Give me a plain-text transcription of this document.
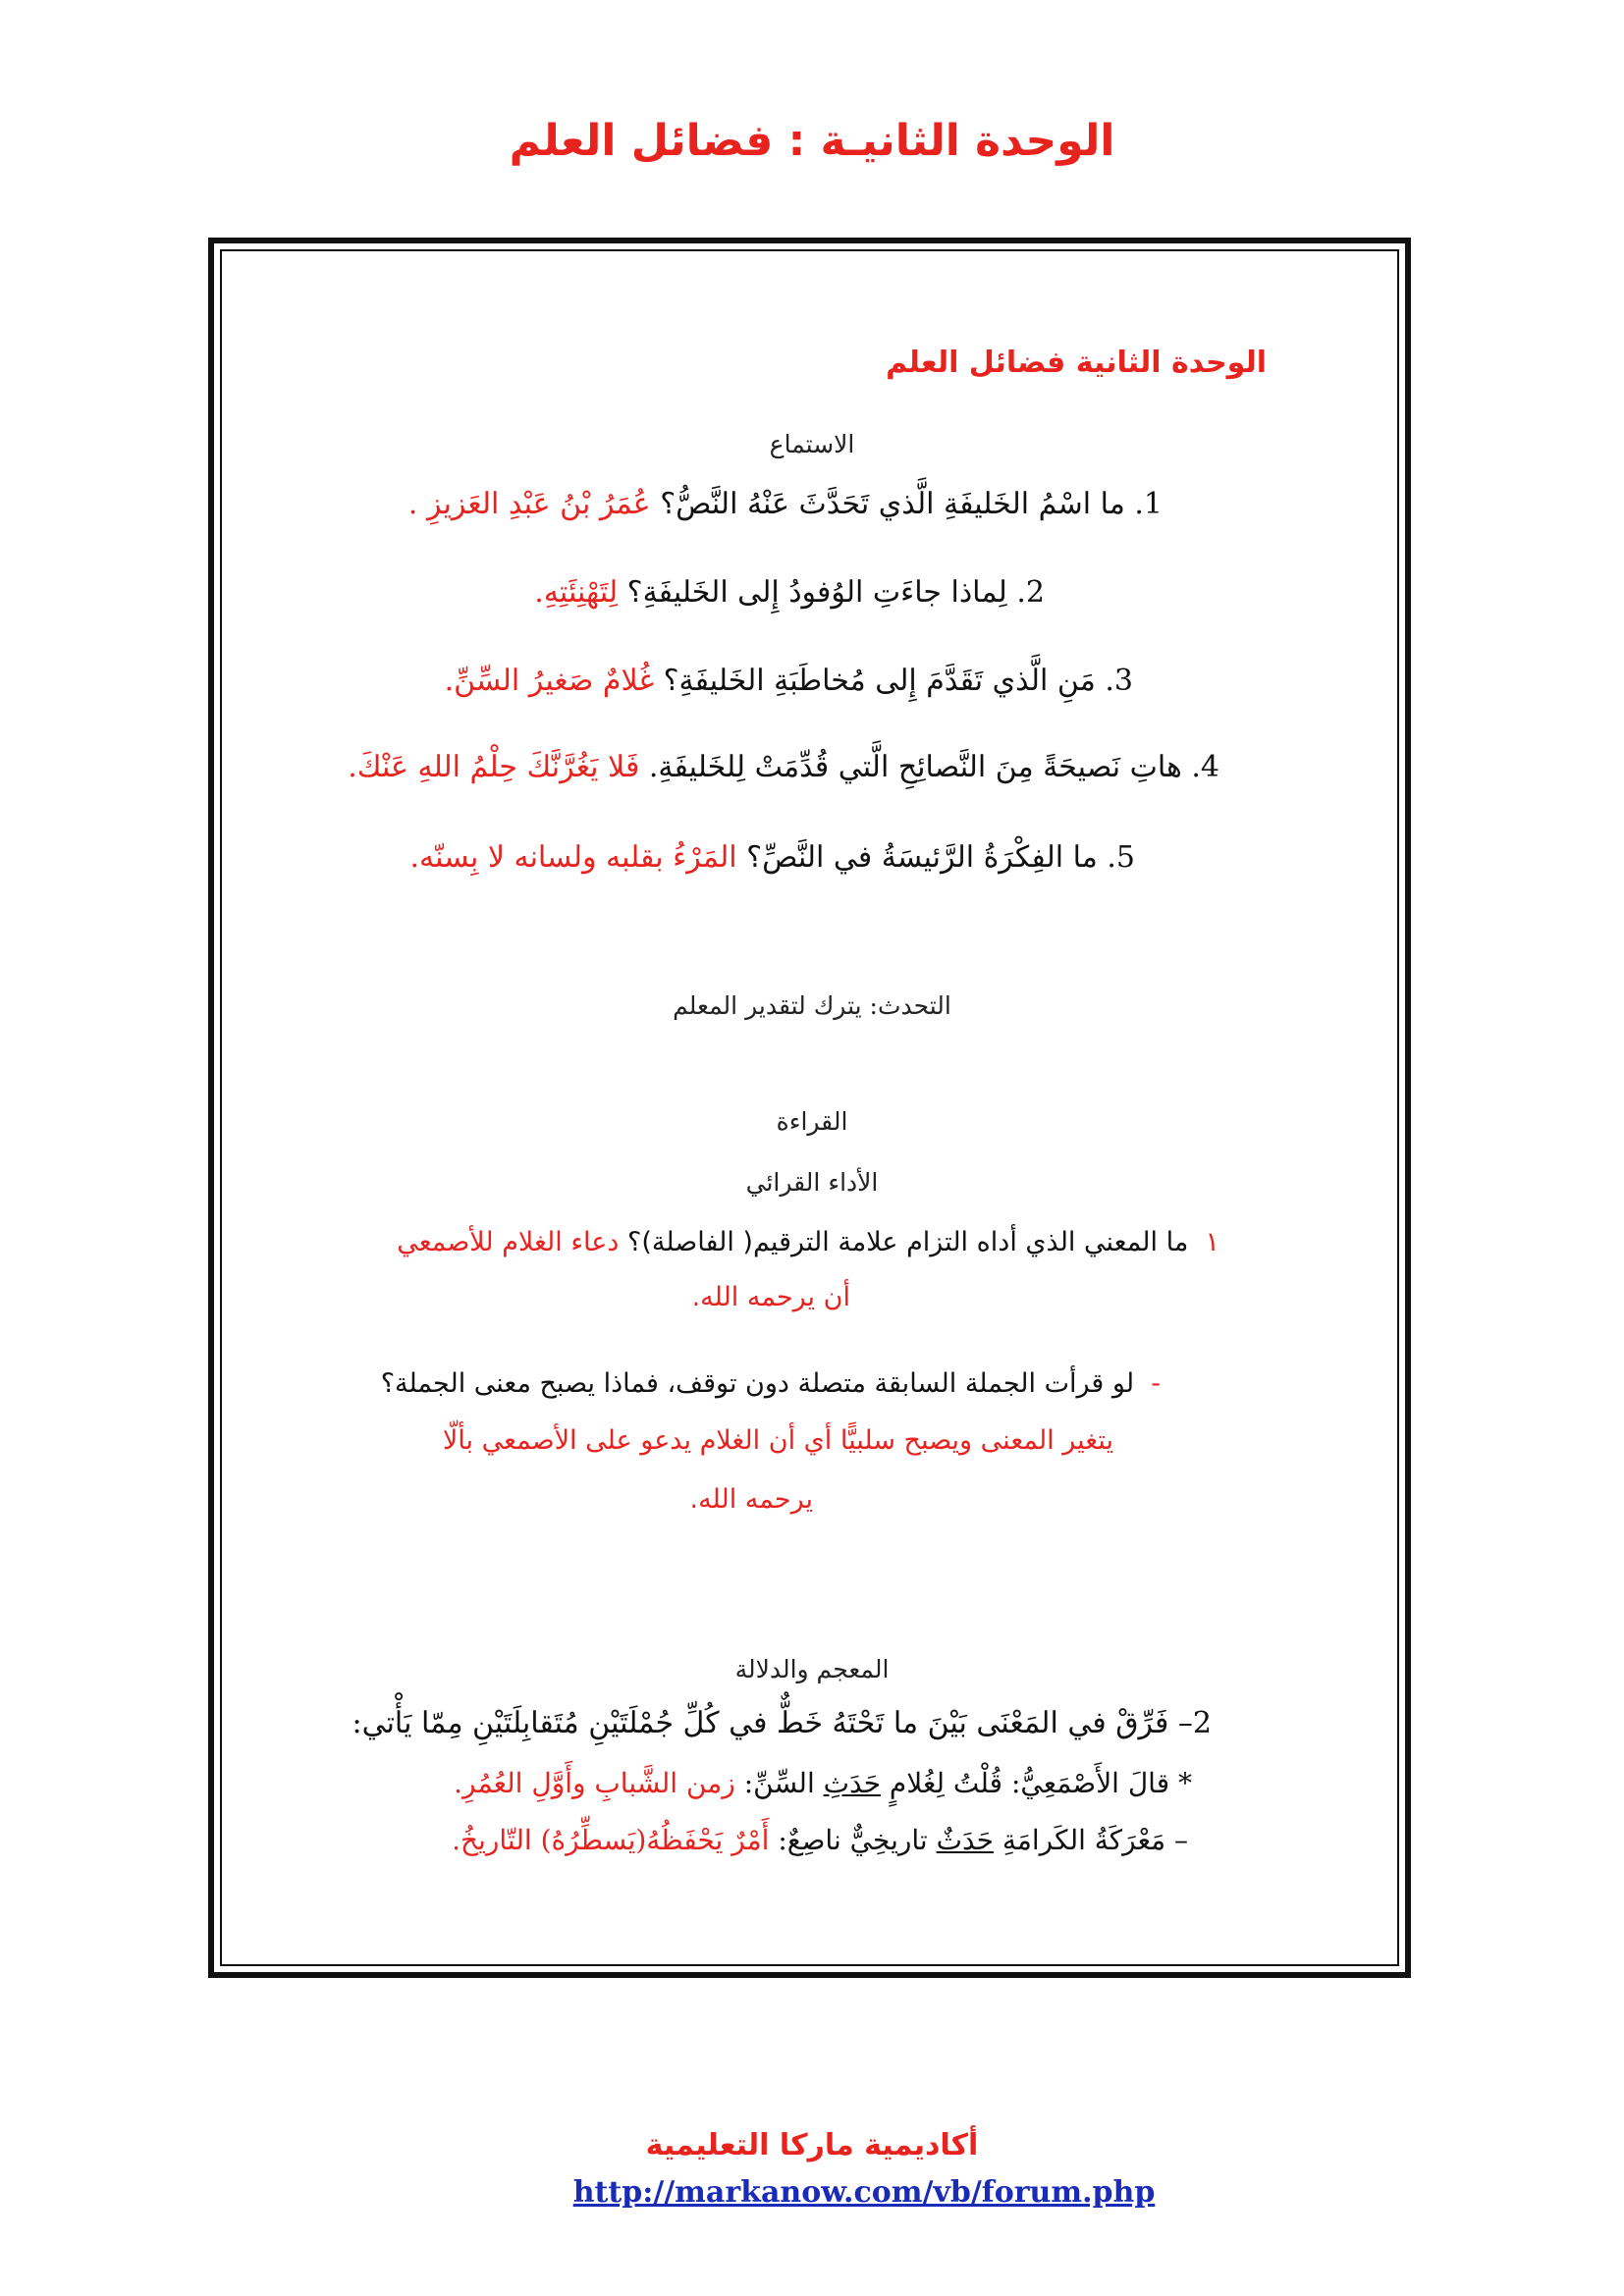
الوحدة الثانيـة : فضائل العلم
الوحدة الثانية فضائل العلم
الاستماع
1. ما اسْمُ الخَليفَةِ الَّذي تَحَدَّثَ عَنْهُ النَّصُّ؟ عُمَرُ بْنُ عَبْدِ العَزيزِ .
2. لِماذا جاءَتِ الوُفودُ إِلى الخَليفَةِ؟ لِتَهْنِئَتِهِ.
3. مَنِ الَّذي تَقَدَّمَ إِلى مُخاطَبَةِ الخَليفَةِ؟ غُلامٌ صَغيرُ السِّنِّ.
4. هاتِ نَصيحَةً مِنَ النَّصائِحِ الَّتي قُدِّمَتْ لِلخَليفَةِ. فَلا يَغُرَّنَّكَ حِلْمُ اللهِ عَنْكَ.
5. ما الفِكْرَةُ الرَّئيسَةُ في النَّصِّ؟ المَرْءُ بقلبه ولسانه لا بِسنّه.
التحدث: يترك لتقدير المعلم
القراءة
الأداء القرائي
١  ما المعني الذي أداه التزام علامة الترقيم( الفاصلة)؟ دعاء الغلام للأصمعي
أن يرحمه الله.
-  لو قرأت الجملة السابقة متصلة دون توقف، فماذا يصبح معنى الجملة؟
يتغير المعنى ويصبح سلبيًّا أي أن الغلام يدعو على الأصمعي بألّا
يرحمه الله.
المعجم والدلالة
2– فَرِّقْ في المَعْنَى بَيْنَ ما تَحْتَهُ خَطٌّ في كُلِّ جُمْلَتَيْنِ مُتَقابِلَتَيْنِ مِمّا يَأْتي:
* قالَ الأَصْمَعِيُّ: قُلْتُ لِغُلامٍ حَدَثِ السِّنِّ: زمن الشَّبابِ وأَوَّلِ العُمُرِ.
– مَعْرَكَةُ الكَرامَةِ حَدَثٌ تاريخِيٌّ ناصِعٌ: أَمْرٌ يَحْفَظُهُ(يَسطِّرُهُ) التّاريخُ.
أكاديمية ماركا التعليمية
http://markanow.com/vb/forum.php
